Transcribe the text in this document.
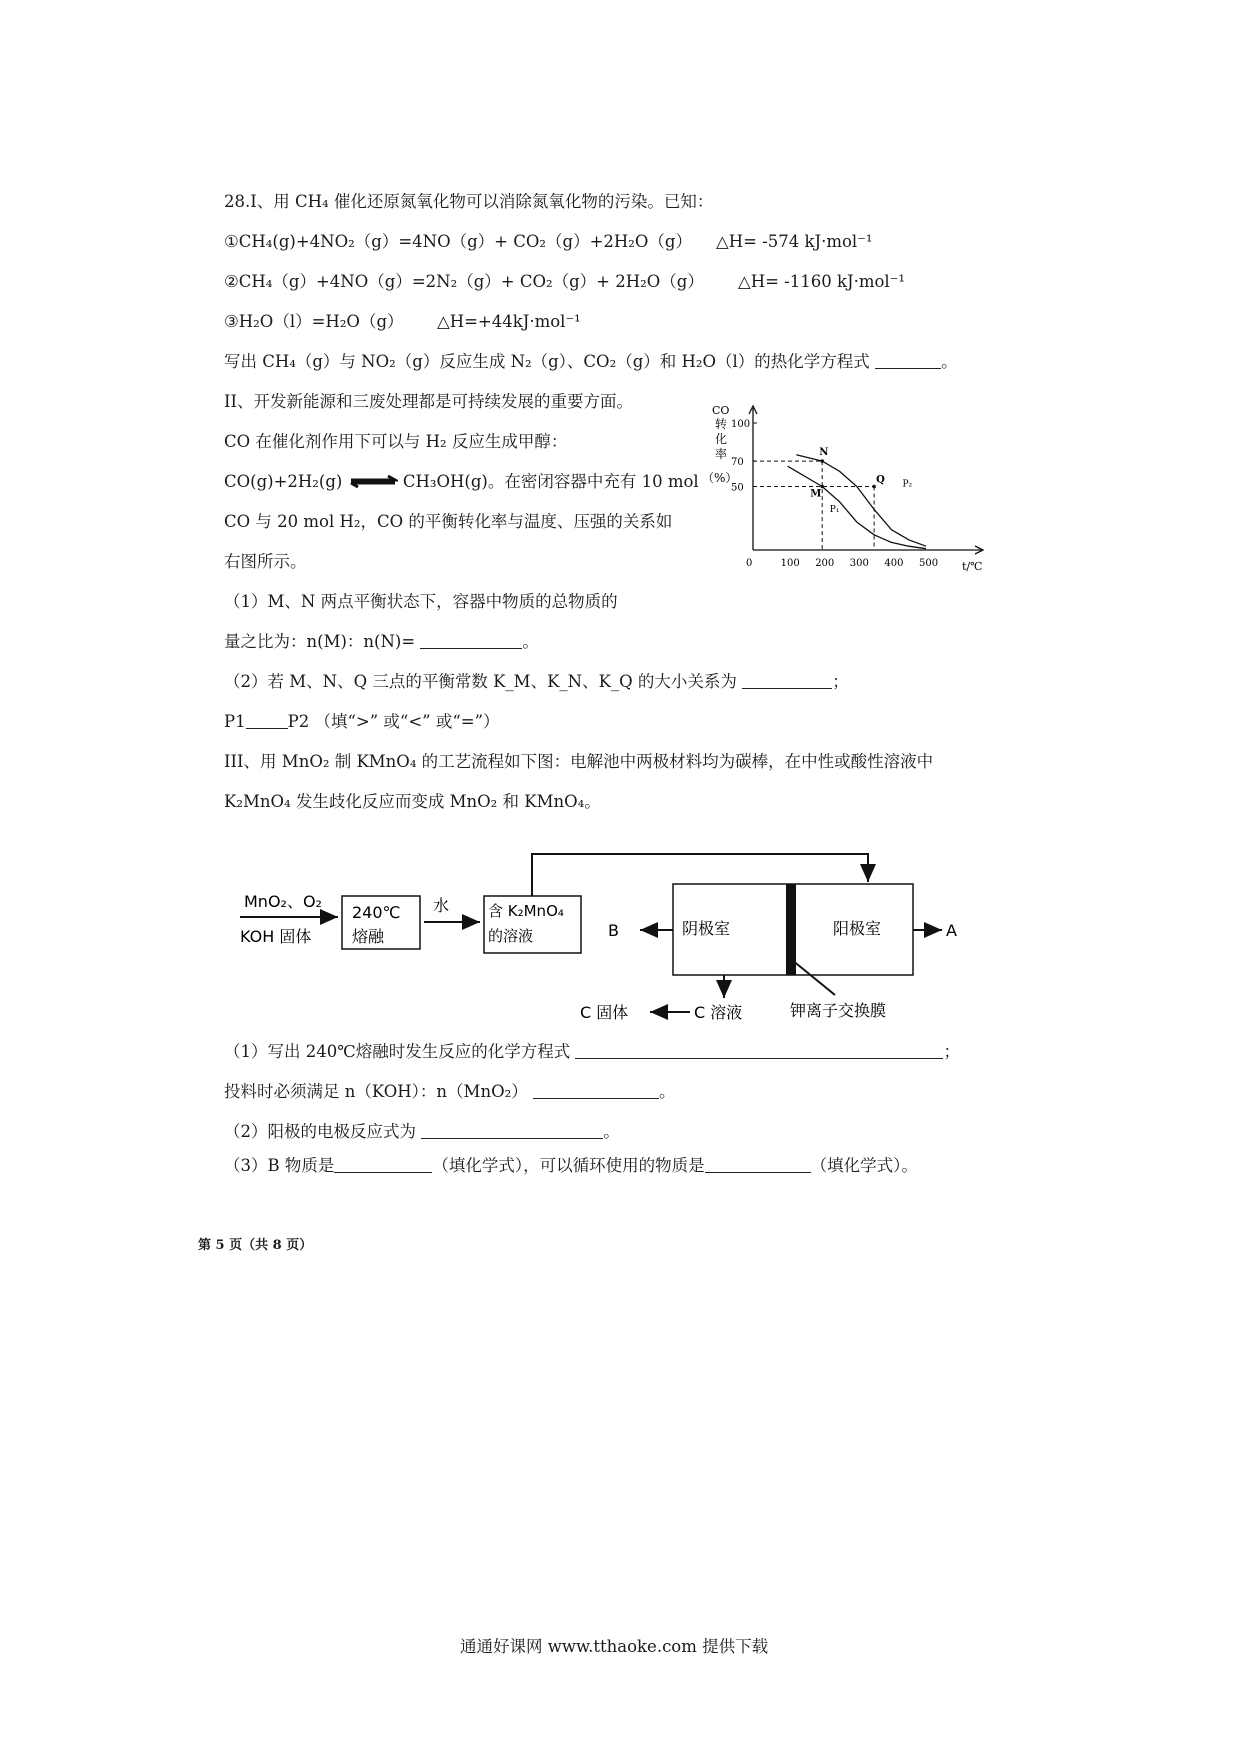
28.I、用 CH₄ 催化还原氮氧化物可以消除氮氧化物的污染。已知：
①CH₄(g)+4NO₂（g）=4NO（g）+ CO₂（g）+2H₂O（g） △H= -574 kJ·mol⁻¹
②CH₄（g）+4NO（g）=2N₂（g）+ CO₂（g）+ 2H₂O（g） △H= -1160 kJ·mol⁻¹
③H₂O（l）=H₂O（g） △H=+44kJ·mol⁻¹
写出 CH₄（g）与 NO₂（g）反应生成 N₂（g）、CO₂（g）和 H₂O（l）的热化学方程式	。
II、开发新能源和三废处理都是可持续发展的重要方面。
CO 在催化剂作用下可以与 H₂ 反应生成甲醇：
CO(g)+2H₂(g) ⇌ CH₃OH(g)。在密闭容器中充有 10 mol
CO 与 20 mol H₂，CO 的平衡转化率与温度、压强的关系如
右图所示。
（1）M、N 两点平衡状态下，容器中物质的总物质的
量之比为：n(M)：n(N)=	。
（2）若 M、N、Q 三点的平衡常数 K_M、K_N、K_Q 的大小关系为	；
P1	P2 （填“>” 或“<” 或“=”）
CO
转
化
率
（%）
100
70
50
0	100 200 300 400 500 t/℃
N
M
Q
P₁
P₂
III、用 MnO₂ 制 KMnO₄ 的工艺流程如下图：电解池中两极材料均为碳棒，在中性或酸性溶液中
K₂MnO₄ 发生歧化反应而变成 MnO₂ 和 KMnO₄。
MnO₂、O₂
KOH 固体
240℃
熔融
水	含 K₂MnO₄
的溶液	阴极室	阳极室
B	A
C 溶液
C 固体	钾离子交换膜
（1）写出 240℃熔融时发生反应的化学方程式	；
投料时必须满足 n（KOH）：n（MnO₂）	。
（2）阳极的电极反应式为	。
（3）B 物质是	（填化学式），可以循环使用的物质是	（填化学式）。
第 5 页（共 8 页）
通通好课网 www.tthaoke.com 提供下载
